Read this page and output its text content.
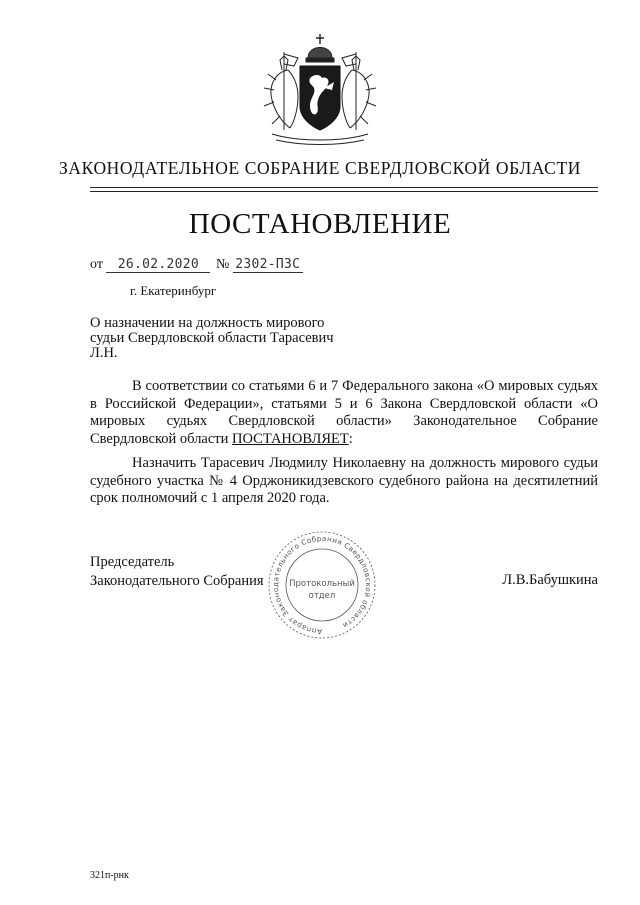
ЗАКОНОДАТЕЛЬНОЕ СОБРАНИЕ СВЕРДЛОВСКОЙ ОБЛАСТИ
ПОСТАНОВЛЕНИЕ
от 26.02.2020 № 2302-ПЗС
г. Екатеринбург
О назначении на должность мирового судьи Свердловской области Тарасевич Л.Н.
В соответствии со статьями 6 и 7 Федерального закона «О мировых судьях в Российской Федерации», статьями 5 и 6 Закона Свердловской области «О мировых судьях Свердловской области» Законодательное Собрание Свердловской области ПОСТАНОВЛЯЕТ:
Назначить Тарасевич Людмилу Николаевну на должность мирового судьи судебного участка № 4 Орджоникидзевского судебного района на десятилетний срок полномочий с 1 апреля 2020 года.
Председатель
Законодательного Собрания	Л.В.Бабушкина
Аппарат Законодательного Собрания Свердловской области
Протокольный
отдел
321п-рнк
